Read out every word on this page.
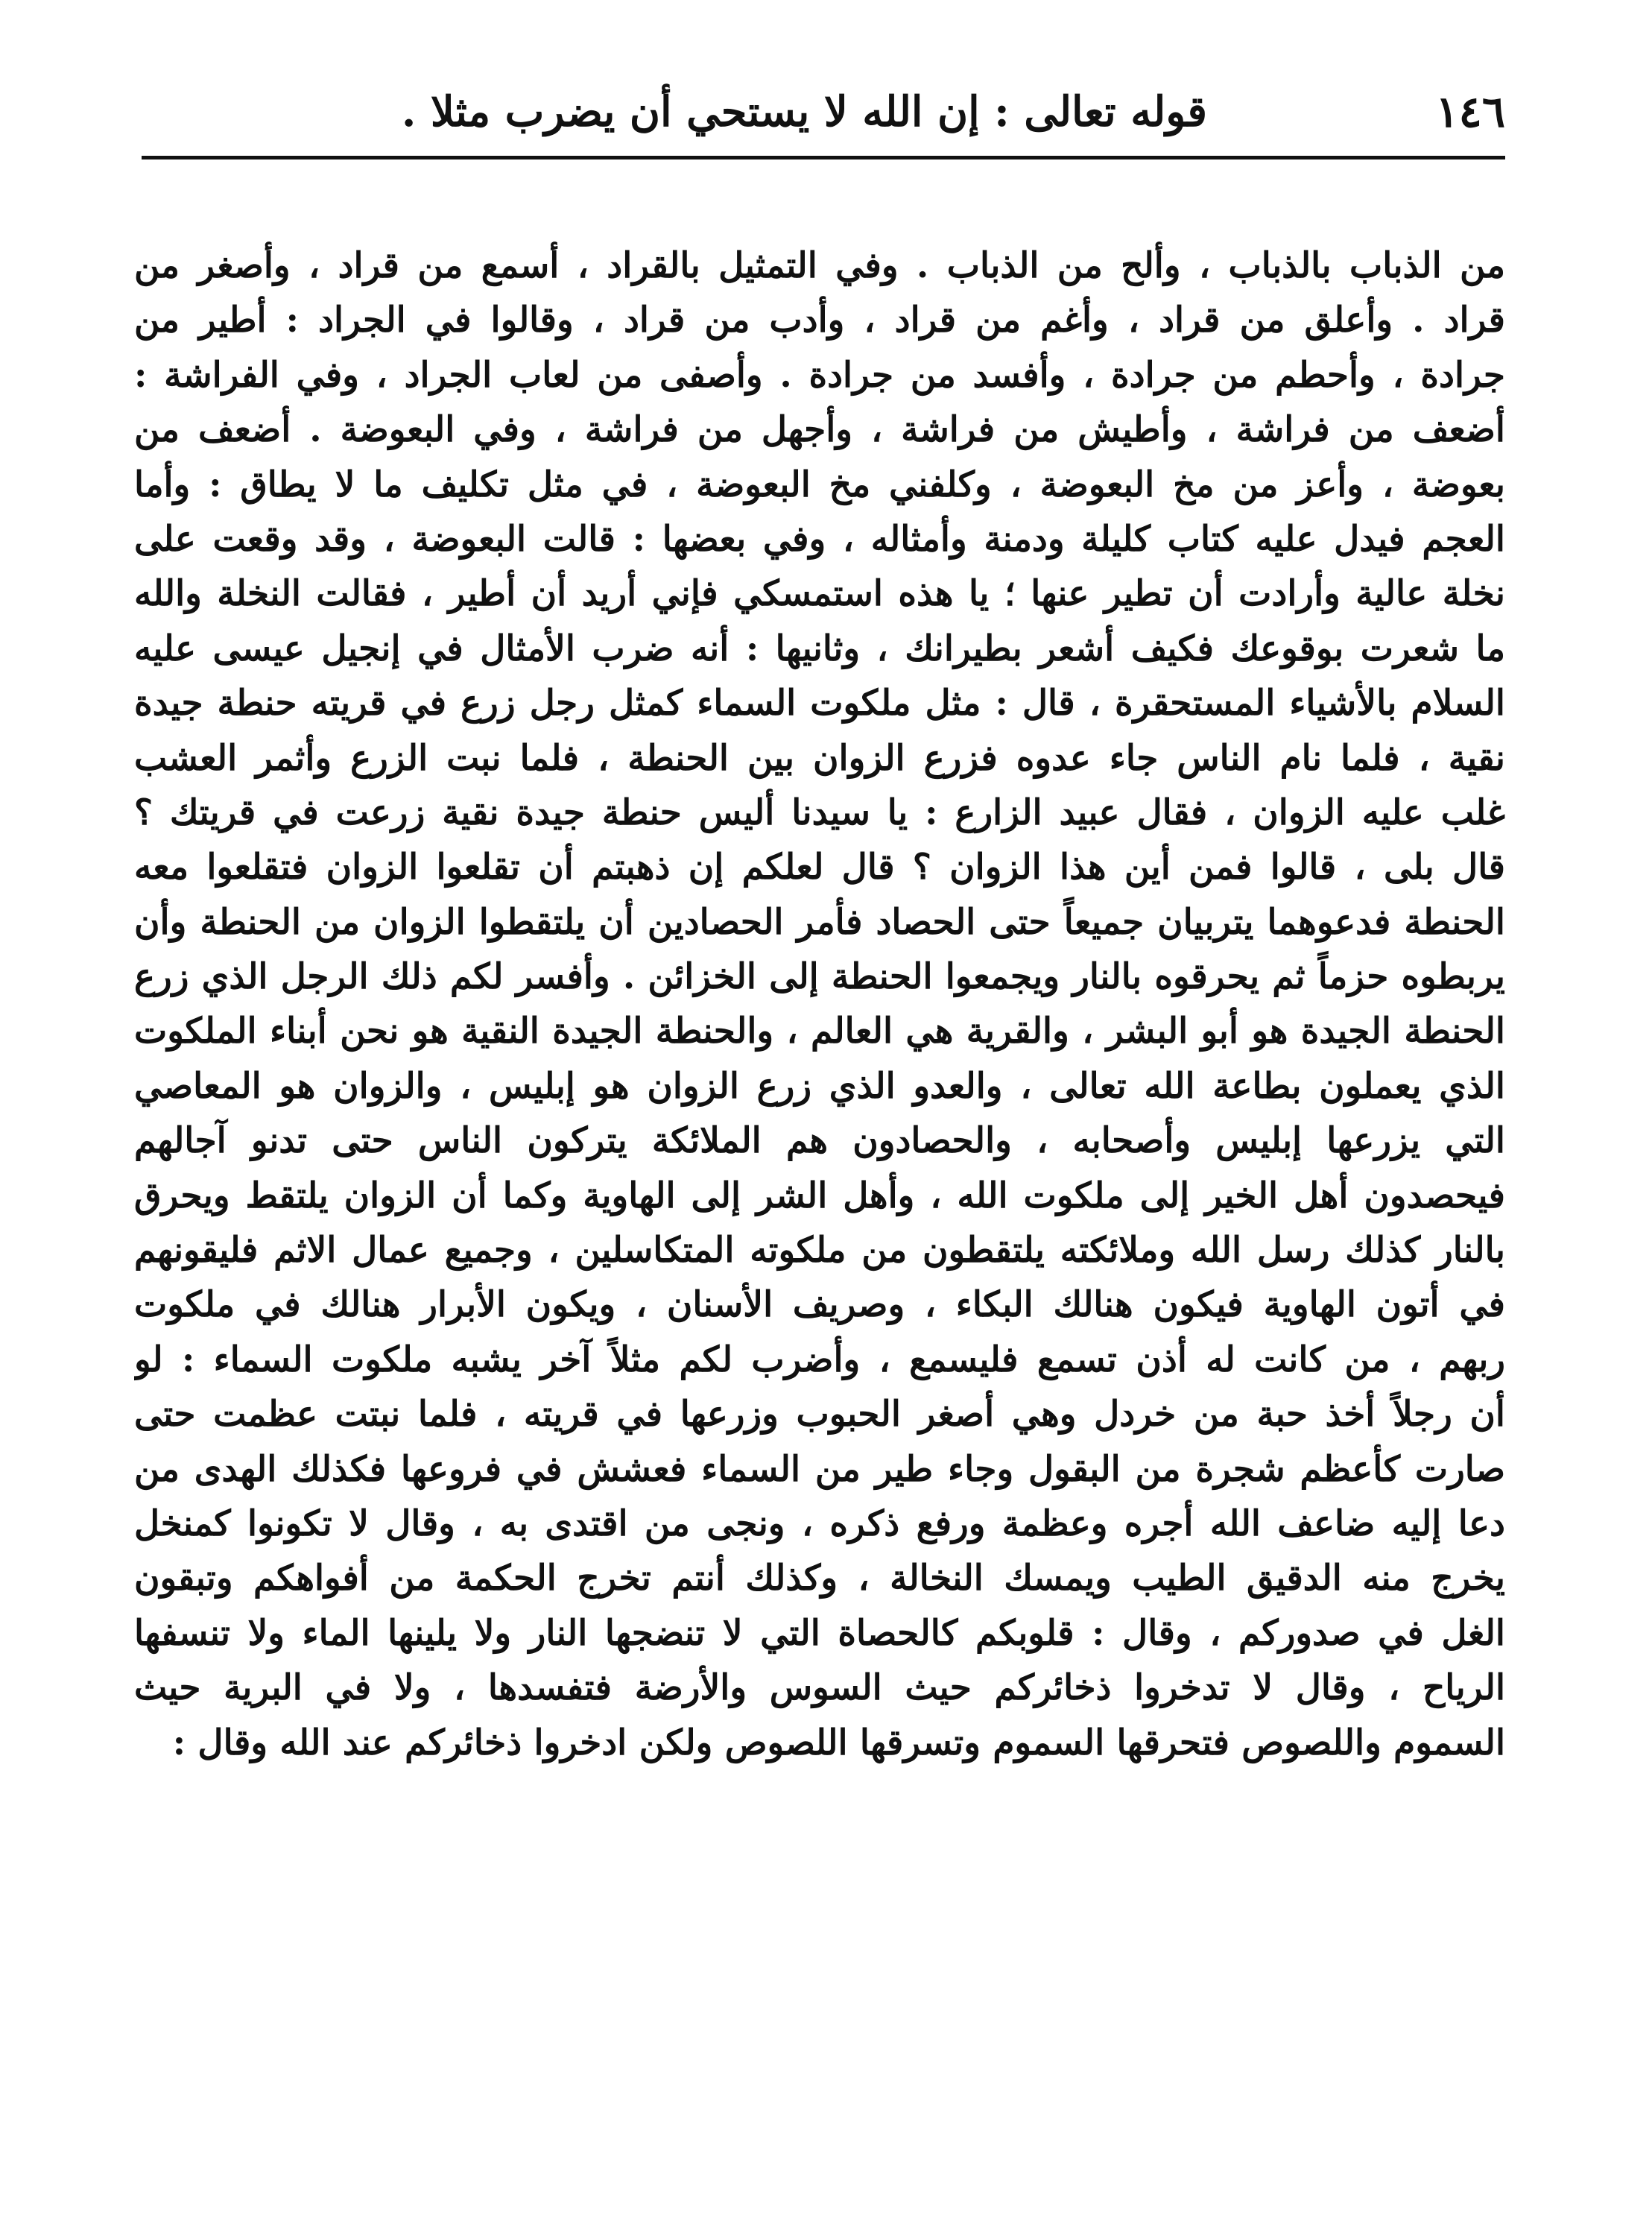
١٤٦
قوله تعالى : إن الله لا يستحي أن يضرب مثلا .
من الذباب بالذباب ، وألح من الذباب . وفي التمثيل بالقراد ، أسمع من قراد ، وأصغر من
قراد . وأعلق من قراد ، وأغم من قراد ، وأدب من قراد ، وقالوا في الجراد : أطير من
جرادة ، وأحطم من جرادة ، وأفسد من جرادة . وأصفى من لعاب الجراد ، وفي الفراشة :
أضعف من فراشة ، وأطيش من فراشة ، وأجهل من فراشة ، وفي البعوضة . أضعف من
بعوضة ، وأعز من مخ البعوضة ، وكلفني مخ البعوضة ، في مثل تكليف ما لا يطاق : وأما
العجم فيدل عليه كتاب كليلة ودمنة وأمثاله ، وفي بعضها : قالت البعوضة ، وقد وقعت على
نخلة عالية وأرادت أن تطير عنها ؛ يا هذه استمسكي فإني أريد أن أطير ، فقالت النخلة والله
ما شعرت بوقوعك فكيف أشعر بطيرانك ، وثانيها : أنه ضرب الأمثال في إنجيل عيسى عليه
السلام بالأشياء المستحقرة ، قال : مثل ملكوت السماء كمثل رجل زرع في قريته حنطة جيدة
نقية ، فلما نام الناس جاء عدوه فزرع الزوان بين الحنطة ، فلما نبت الزرع وأثمر العشب
غلب عليه الزوان ، فقال عبيد الزارع : يا سيدنا أليس حنطة جيدة نقية زرعت في قريتك ؟
قال بلى ، قالوا فمن أين هذا الزوان ؟ قال لعلكم إن ذهبتم أن تقلعوا الزوان فتقلعوا معه
الحنطة فدعوهما يتربيان جميعاً حتى الحصاد فأمر الحصادين أن يلتقطوا الزوان من الحنطة وأن
يربطوه حزماً ثم يحرقوه بالنار ويجمعوا الحنطة إلى الخزائن . وأفسر لكم ذلك الرجل الذي زرع
الحنطة الجيدة هو أبو البشر ، والقرية هي العالم ، والحنطة الجيدة النقية هو نحن أبناء الملكوت
الذي يعملون بطاعة الله تعالى ، والعدو الذي زرع الزوان هو إبليس ، والزوان هو المعاصي
التي يزرعها إبليس وأصحابه ، والحصادون هم الملائكة يتركون الناس حتى تدنو آجالهم
فيحصدون أهل الخير إلى ملكوت الله ، وأهل الشر إلى الهاوية وكما أن الزوان يلتقط ويحرق
بالنار كذلك رسل الله وملائكته يلتقطون من ملكوته المتكاسلين ، وجميع عمال الاثم فليقونهم
في أتون الهاوية فيكون هنالك البكاء ، وصريف الأسنان ، ويكون الأبرار هنالك في ملكوت
ربهم ، من كانت له أذن تسمع فليسمع ، وأضرب لكم مثلاً آخر يشبه ملكوت السماء : لو
أن رجلاً أخذ حبة من خردل وهي أصغر الحبوب وزرعها في قريته ، فلما نبتت عظمت حتى
صارت كأعظم شجرة من البقول وجاء طير من السماء فعشش في فروعها فكذلك الهدى من
دعا إليه ضاعف الله أجره وعظمة ورفع ذكره ، ونجى من اقتدى به ، وقال لا تكونوا كمنخل
يخرج منه الدقيق الطيب ويمسك النخالة ، وكذلك أنتم تخرج الحكمة من أفواهكم وتبقون
الغل في صدوركم ، وقال : قلوبكم كالحصاة التي لا تنضجها النار ولا يلينها الماء ولا تنسفها
الرياح ، وقال لا تدخروا ذخائركم حيث السوس والأرضة فتفسدها ، ولا في البرية حيث
السموم واللصوص فتحرقها السموم وتسرقها اللصوص ولكن ادخروا ذخائركم عند الله وقال :
